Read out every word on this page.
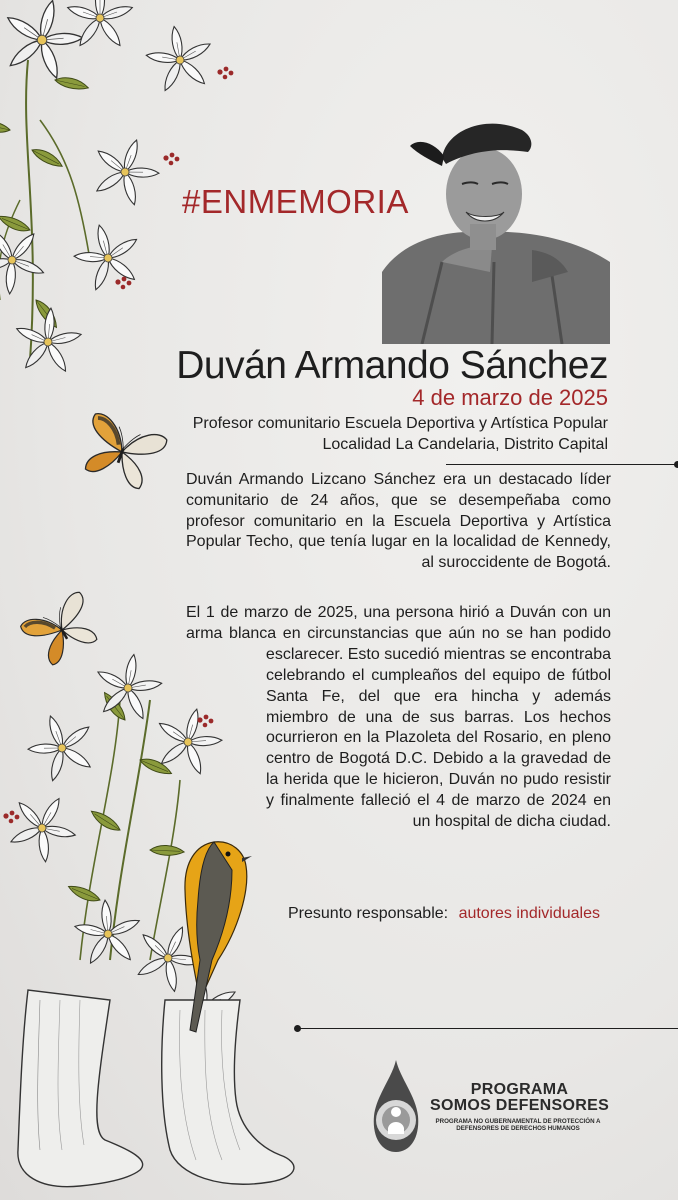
#ENMEMORIA
Duván Armando Sánchez
4 de marzo de 2025
Profesor comunitario Escuela Deportiva y Artística Popular
Localidad La Candelaria, Distrito Capital

Duván Armando Lizcano Sánchez era un destacado líder comunitario de 24 años, que se desempeñaba como profesor comunitario en la Escuela Deportiva y Artística Popular Techo, que tenía lugar en la localidad de Kennedy, al suroccidente de Bogotá.

El 1 de marzo de 2025, una persona hirió a Duván con un arma blanca en circunstancias que aún no se han podido esclarecer. Esto sucedió mientras se encontraba

celebrando el cumpleaños del equipo de fútbol Santa Fe, del que era hincha y además miembro de una de sus barras. Los hechos ocurrieron en la Plazoleta del Rosario, en pleno centro de Bogotá D.C. Debido a la gravedad de la herida que le hicieron, Duván no pudo resistir y finalmente falleció el 4 de marzo de 2024 en un hospital de dicha ciudad.

Presunto responsable: autores individuales
PROGRAMA
SOMOS DEFENSORES
PROGRAMA NO GUBERNAMENTAL DE PROTECCIÓN A
DEFENSORES DE DERECHOS HUMANOS
